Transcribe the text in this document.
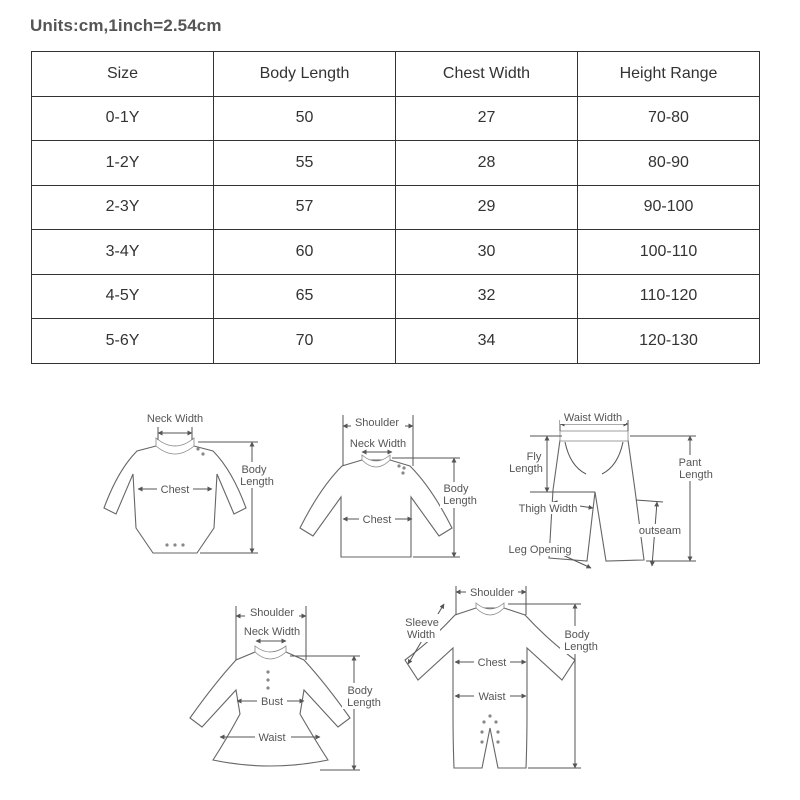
Units:cm,1inch=2.54cm
Size	Body Length	Chest Width	Height Range
0-1Y	50	27	70-80
1-2Y	55	28	80-90
2-3Y	57	29	90-100
3-4Y	60	30	100-110
4-5Y	65	32	110-120
5-6Y	70	34	120-130
Neck Width
Chest
Body
Length
Shoulder
Neck Width
Chest
Body
Length
Waist Width
Fly
Length	Pant
Length
Thigh Width
outseam
Leg Opening
Shoulder
Neck Width
Bust
Waist
Body
Length
Shoulder
Sleeve
Width
Chest
Waist
Body
Length
